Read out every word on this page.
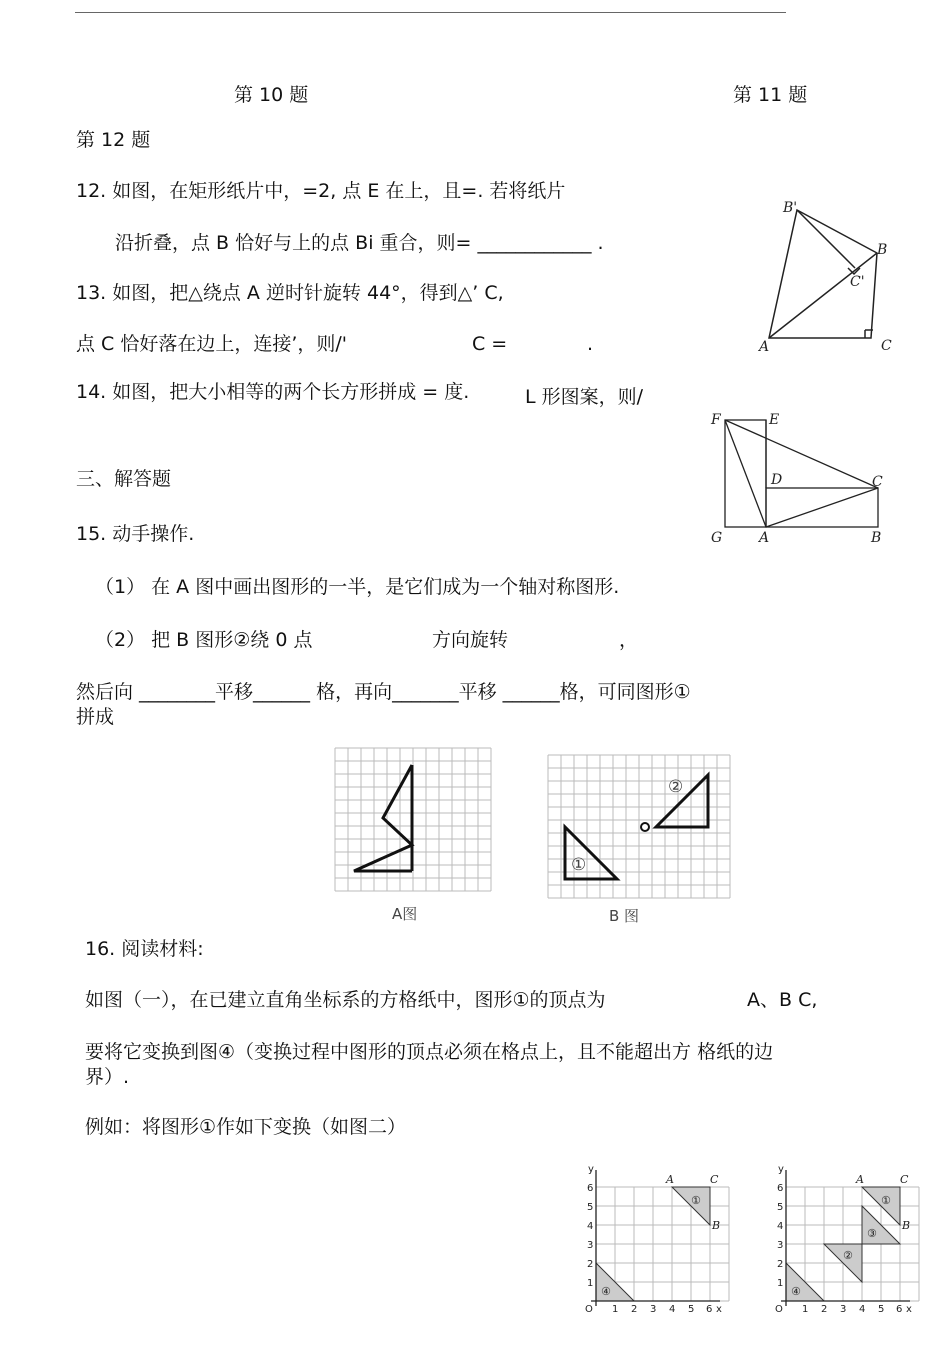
第 10 题	第 11 题
第 12 题
12. 如图，在矩形纸片中，=2, 点 E 在上，且=. 若将纸片
沿折叠，点 B 恰好与上的点 Bi 重合，则= ____________ .
13. 如图，把△绕点 A 逆时针旋转 44°，得到△’ C,
点 C 恰好落在边上，连接’，则∕'	C =	.
14. 如图，把大小相等的两个长方形拼成 = 度.	L 形图案，则∕
三、解答题
15. 动手操作.
（1） 在 A 图中画出图形的一半，是它们成为一个轴对称图形.
（2） 把 B 图形②绕 0 点	方向旋转	，
然后向 ________平移______ 格，再向_______平移 ______格，可同图形①
拼成
B'
B
C'
A	C
F	E
D	C
G	A	B
A图
①
②
B 图
16. 阅读材料:
如图（一），在已建立直角坐标系的方格纸中，图形①的顶点为	A、B C,
要将它变换到图④（变换过程中图形的顶点必须在格点上，且不能超出方 格纸的边
界）.
例如：将图形①作如下变换（如图二）
y
x
O 1 2 3 4 5 6
1
2
3
4
5
6
A	C
B
①
④
y
x
O 1 2 3 4 5 6
1
2
3
4
5
6
A	C
B
①
③
②
④
